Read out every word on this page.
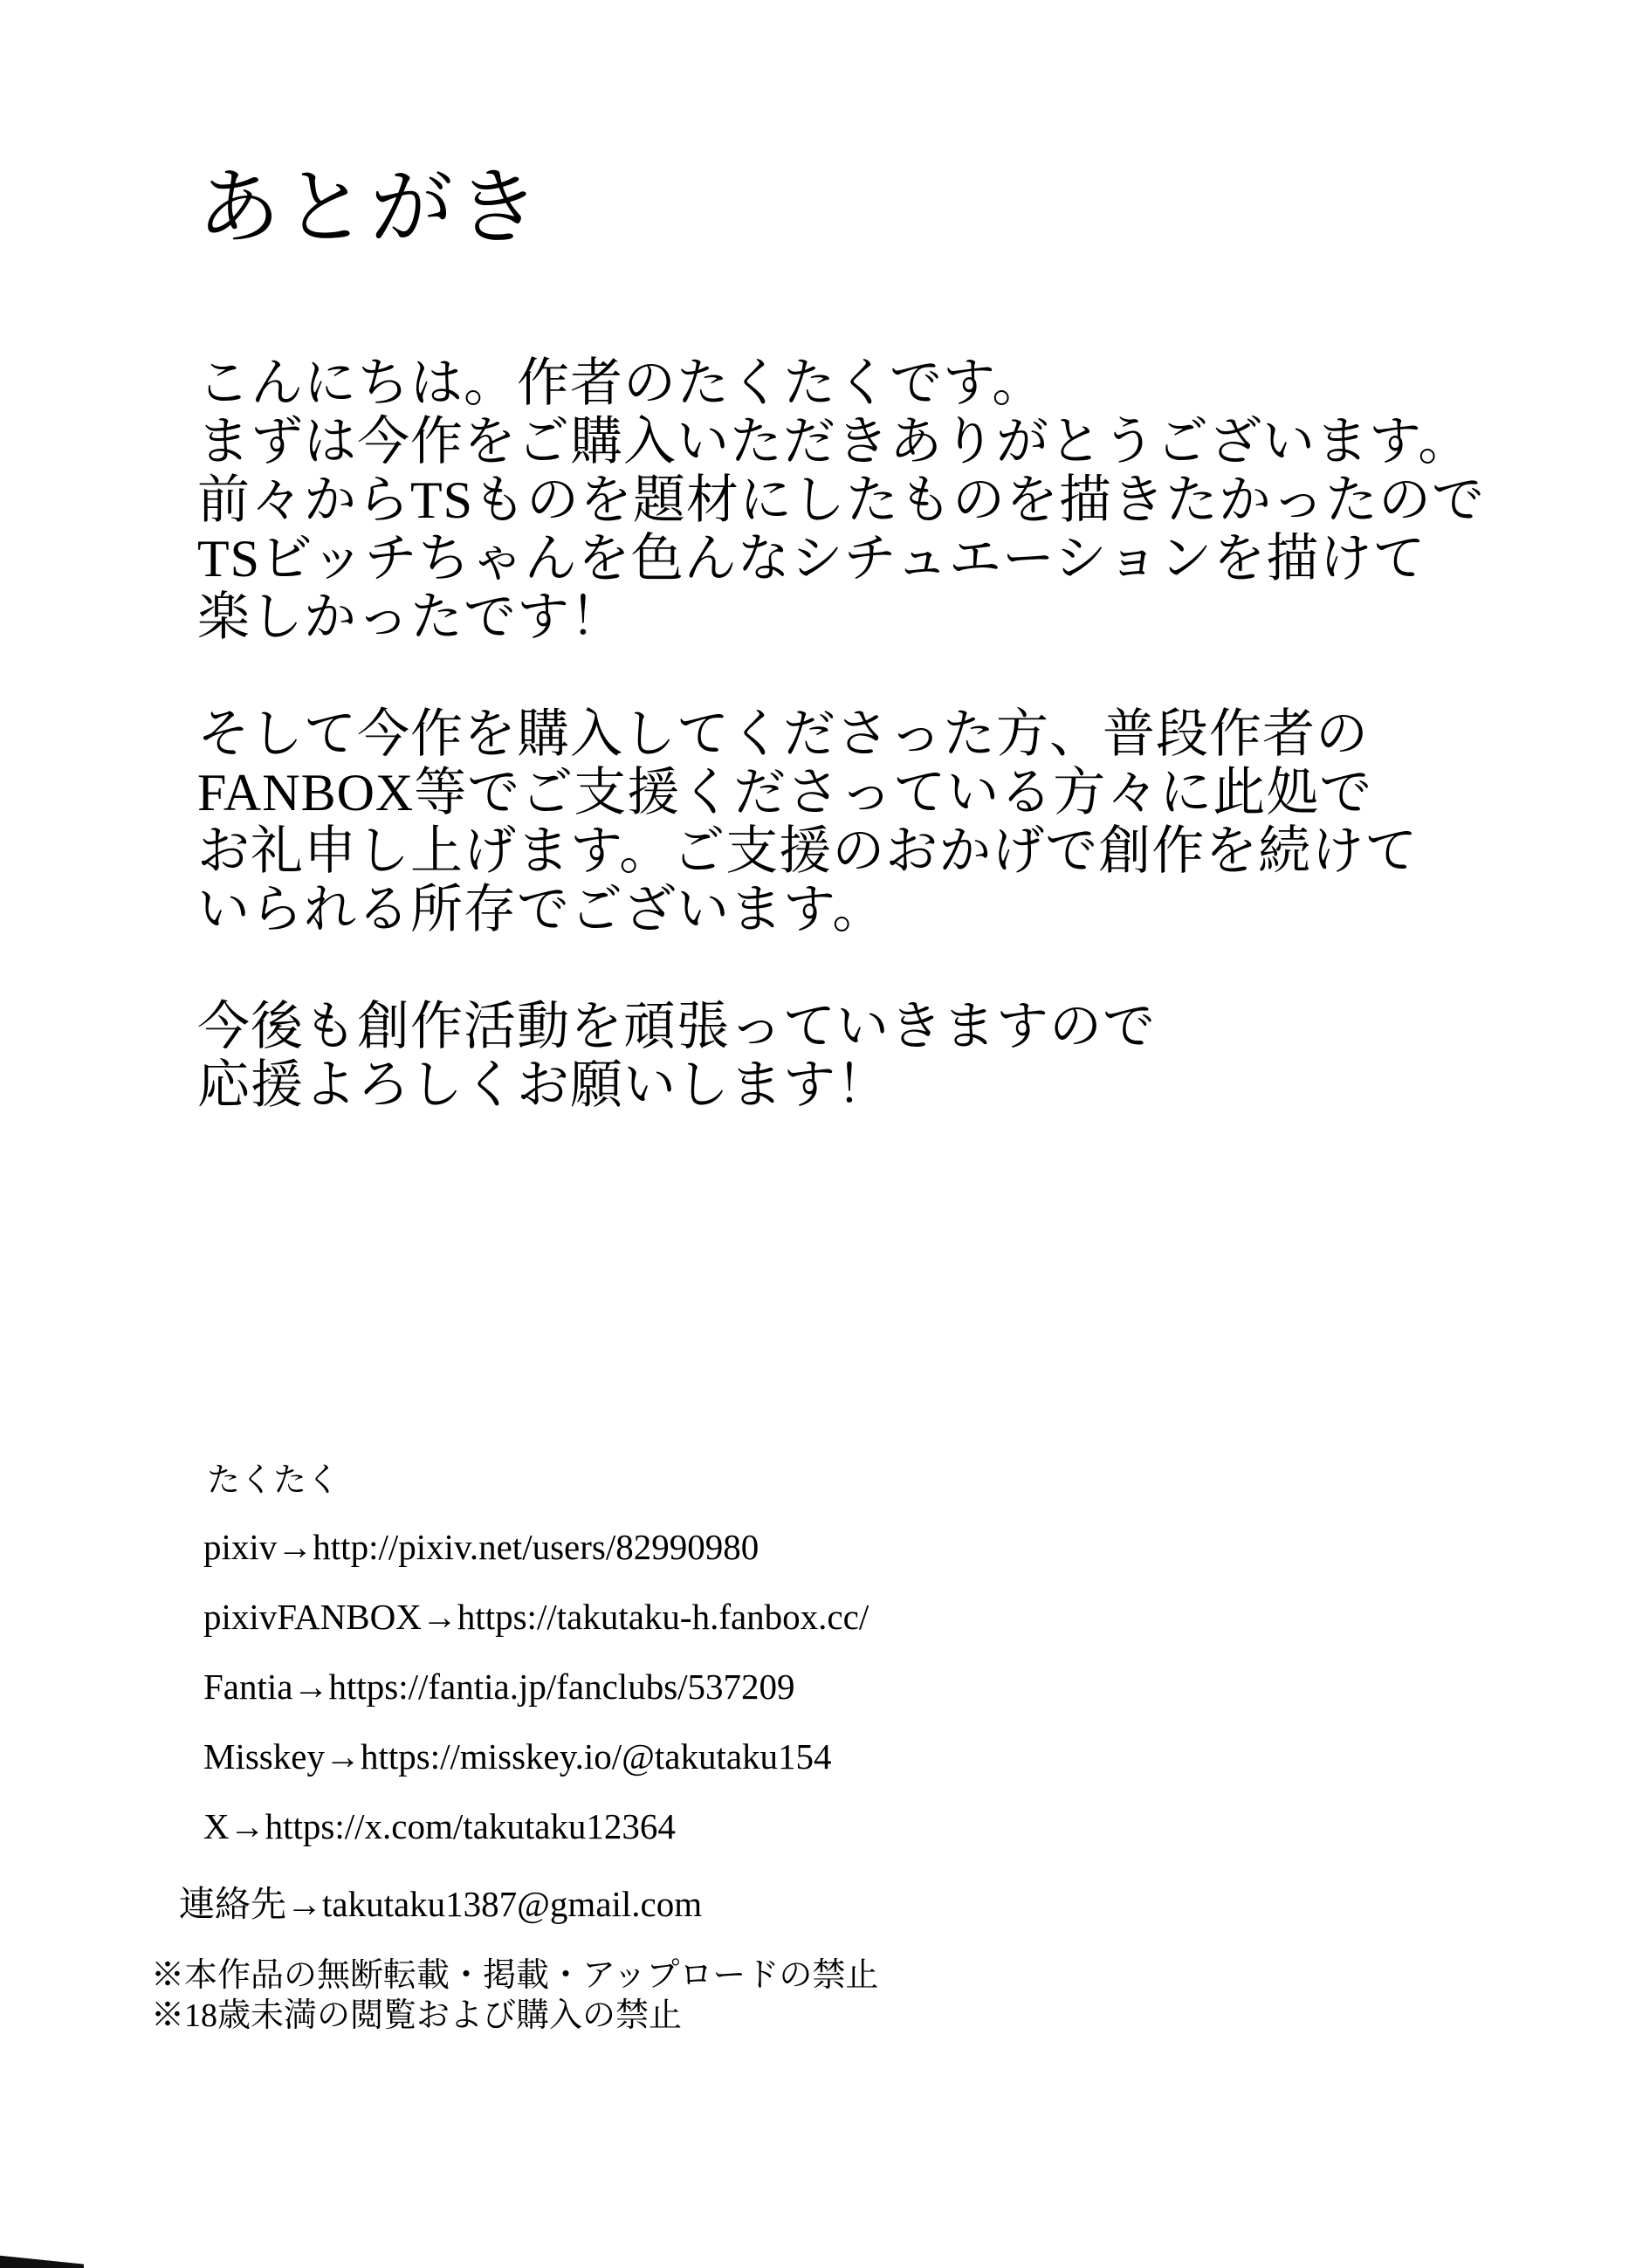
あとがき
こんにちは。作者のたくたくです。
まずは今作をご購入いただきありがとうございます。
前々からTSものを題材にしたものを描きたかったので
TSビッチちゃんを色んなシチュエーションを描けて
楽しかったです！
そして今作を購入してくださった方、普段作者の
FANBOX等でご支援くださっている方々に此処で
お礼申し上げます。ご支援のおかげで創作を続けて
いられる所存でございます。
今後も創作活動を頑張っていきますので
応援よろしくお願いします！
たくたく
pixiv→http://pixiv.net/users/82990980
pixivFANBOX→https://takutaku-h.fanbox.cc/
Fantia→https://fantia.jp/fanclubs/537209
Misskey→https://misskey.io/@takutaku154
X→https://x.com/takutaku12364
連絡先→takutaku1387@gmail.com
※本作品の無断転載・掲載・アップロードの禁止
※18歳未満の閲覧および購入の禁止
